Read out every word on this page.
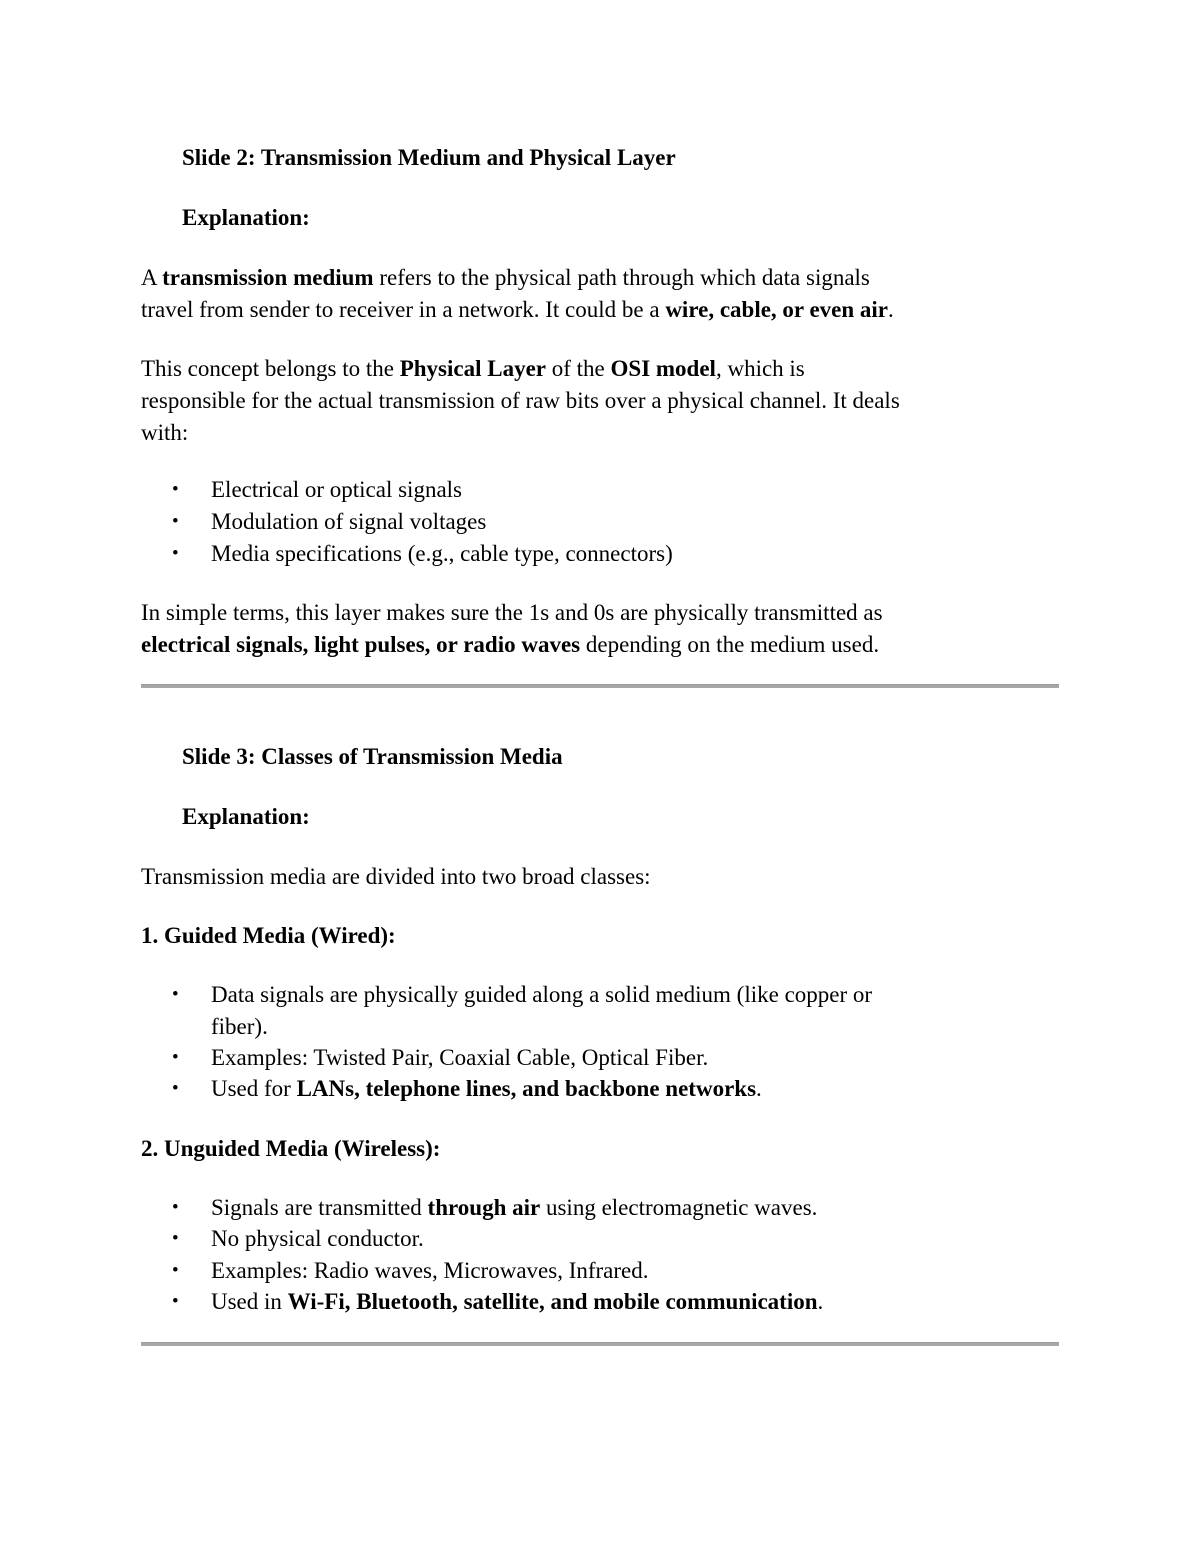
Slide 2: Transmission Medium and Physical Layer
Explanation:
A transmission medium refers to the physical path through which data signals
travel from sender to receiver in a network. It could be a wire, cable, or even air.
This concept belongs to the Physical Layer of the OSI model, which is
responsible for the actual transmission of raw bits over a physical channel. It deals
with:
• Electrical or optical signals
• Modulation of signal voltages
• Media specifications (e.g., cable type, connectors)
In simple terms, this layer makes sure the 1s and 0s are physically transmitted as
electrical signals, light pulses, or radio waves depending on the medium used.
Slide 3: Classes of Transmission Media
Explanation:
Transmission media are divided into two broad classes:
1. Guided Media (Wired):
• Data signals are physically guided along a solid medium (like copper or
fiber).
• Examples: Twisted Pair, Coaxial Cable, Optical Fiber.
• Used for LANs, telephone lines, and backbone networks.
2. Unguided Media (Wireless):
• Signals are transmitted through air using electromagnetic waves.
• No physical conductor.
• Examples: Radio waves, Microwaves, Infrared.
• Used in Wi-Fi, Bluetooth, satellite, and mobile communication.
